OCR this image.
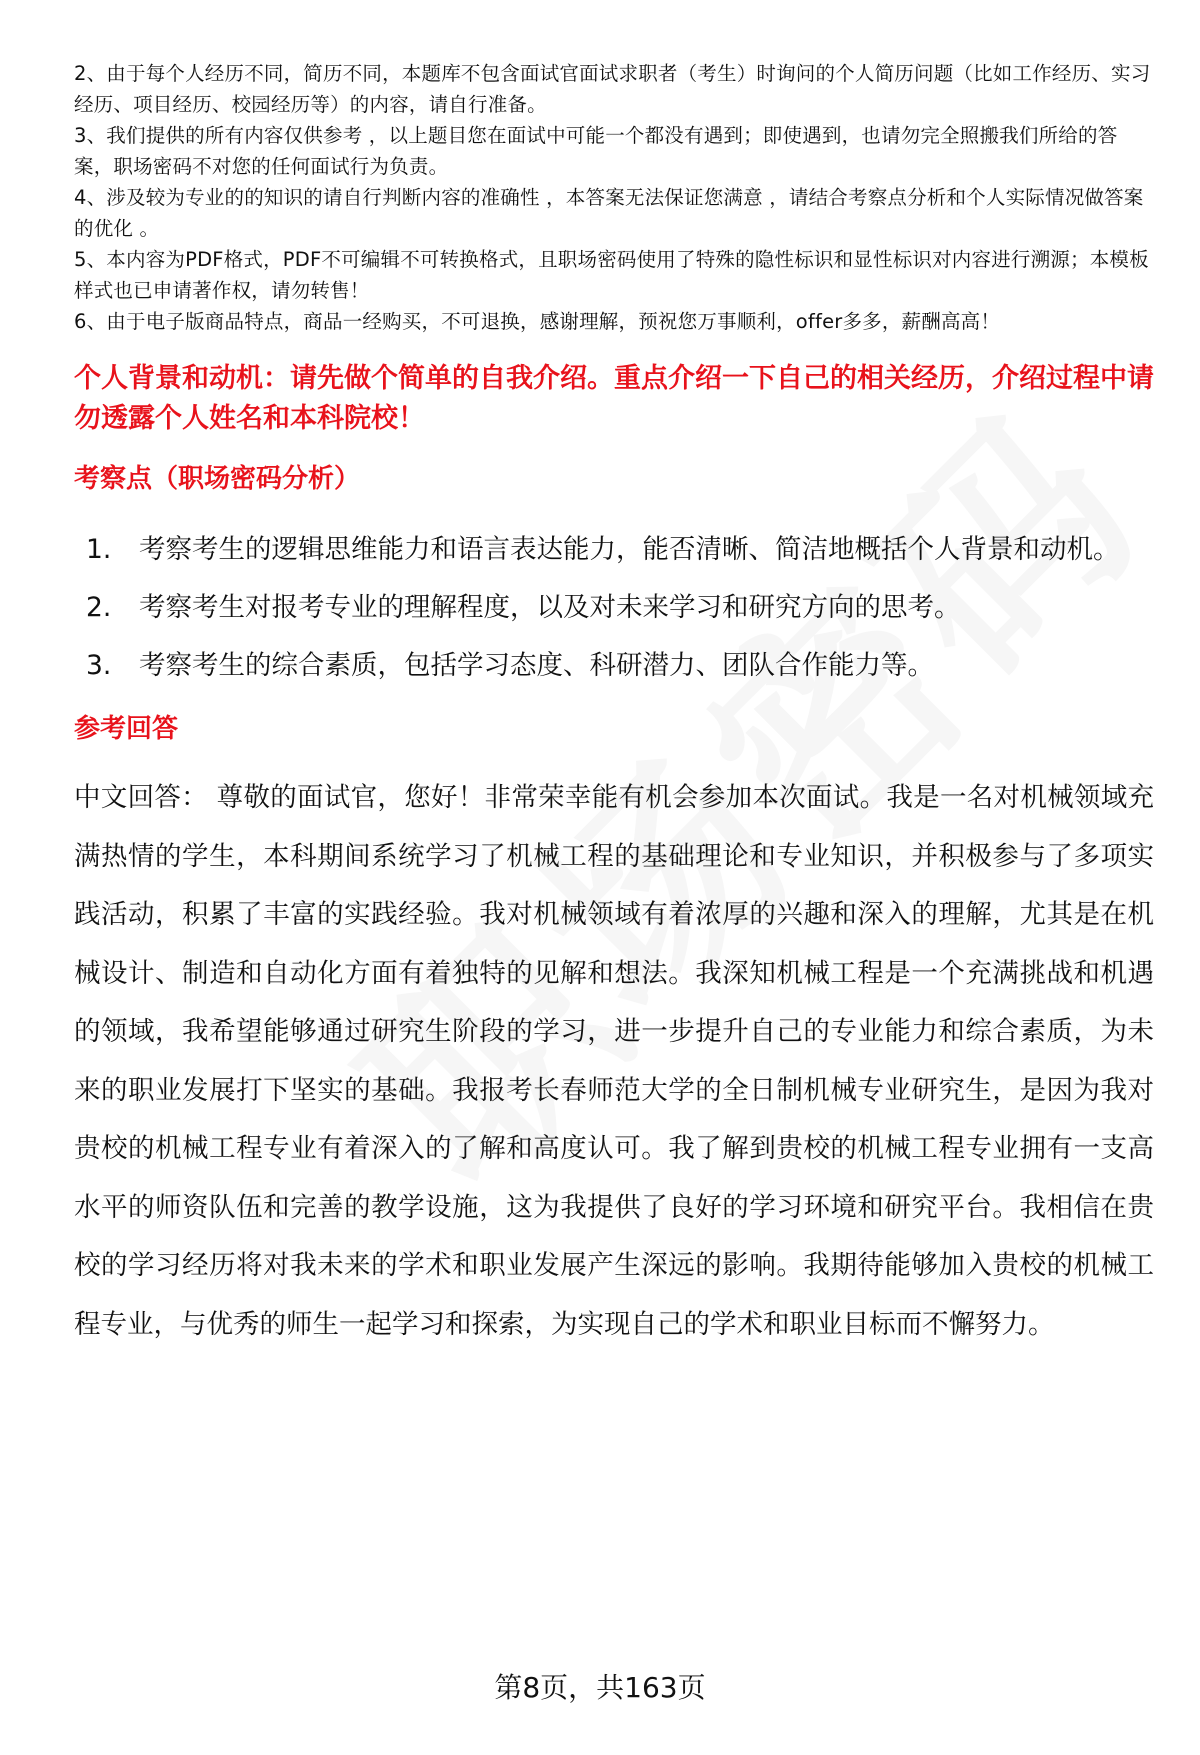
2、由于每个人经历不同，简历不同，本题库不包含面试官面试求职者（考生）时询问的个人简历问题（比如工作经历、实习经历、项目经历、校园经历等）的内容，请自行准备。
3、我们提供的所有内容仅供参考 ，以上题目您在面试中可能一个都没有遇到；即使遇到，也请勿完全照搬我们所给的答案，职场密码不对您的任何面试行为负责。
4、涉及较为专业的的知识的请自行判断内容的准确性 ，本答案无法保证您满意 ，请结合考察点分析和个人实际情况做答案的优化 。
5、本内容为PDF格式，PDF不可编辑不可转换格式，且职场密码使用了特殊的隐性标识和显性标识对内容进行溯源；本模板样式也已申请著作权，请勿转售！
6、由于电子版商品特点，商品一经购买，不可退换，感谢理解，预祝您万事顺利，offer多多，薪酬高高！
个人背景和动机：请先做个简单的自我介绍。重点介绍一下自己的相关经历，介绍过程中请勿透露个人姓名和本科院校！
考察点（职场密码分析）
1.	考察考生的逻辑思维能力和语言表达能力，能否清晰、简洁地概括个人背景和动机。
2.	考察考生对报考专业的理解程度，以及对未来学习和研究方向的思考。
3.	考察考生的综合素质，包括学习态度、科研潜力、团队合作能力等。
参考回答
中文回答： 尊敬的面试官，您好！非常荣幸能有机会参加本次面试。我是一名对机械领域充满热情的学生，本科期间系统学习了机械工程的基础理论和专业知识，并积极参与了多项实践活动，积累了丰富的实践经验。我对机械领域有着浓厚的兴趣和深入的理解，尤其是在机械设计、制造和自动化方面有着独特的见解和想法。我深知机械工程是一个充满挑战和机遇的领域，我希望能够通过研究生阶段的学习，进一步提升自己的专业能力和综合素质，为未来的职业发展打下坚实的基础。我报考长春师范大学的全日制机械专业研究生，是因为我对贵校的机械工程专业有着深入的了解和高度认可。我了解到贵校的机械工程专业拥有一支高水平的师资队伍和完善的教学设施，这为我提供了良好的学习环境和研究平台。我相信在贵校的学习经历将对我未来的学术和职业发展产生深远的影响。我期待能够加入贵校的机械工程专业，与优秀的师生一起学习和探索，为实现自己的学术和职业目标而不懈努力。
第8页，共163页
